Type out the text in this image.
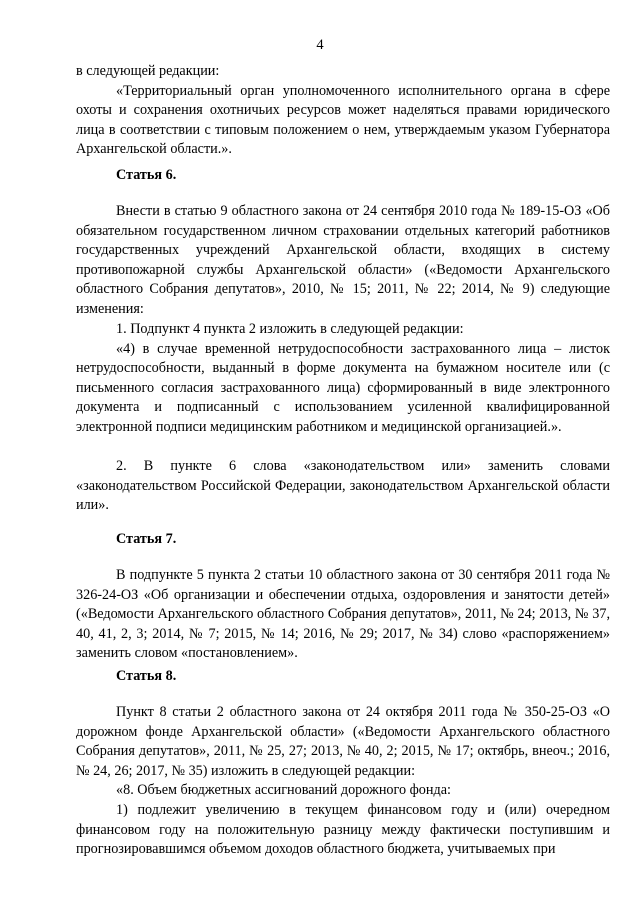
4

в следующей редакции:

«Территориальный орган уполномоченного исполнительного органа в сфере охоты и сохранения охотничьих ресурсов может наделяться правами юридического лица в соответствии с типовым положением о нем, утверждаемым указом Губернатора Архангельской области.».

Статья 6.

Внести в статью 9 областного закона от 24 сентября 2010 года № 189-15-ОЗ «Об обязательном государственном личном страховании отдельных категорий работников государственных учреждений Архангельской области, входящих в систему противопожарной службы Архангельской области» («Ведомости Архангельского областного Собрания депутатов», 2010, № 15; 2011, № 22; 2014, № 9) следующие изменения:

1. Подпункт 4 пункта 2 изложить в следующей редакции:

«4) в случае временной нетрудоспособности застрахованного лица – листок нетрудоспособности, выданный в форме документа на бумажном носителе или (с письменного согласия застрахованного лица) сформированный в виде электронного документа и подписанный с использованием усиленной квалифицированной электронной подписи медицинским работником и медицинской организацией.».

2. В пункте 6 слова «законодательством или» заменить словами «законодательством Российской Федерации, законодательством Архангельской области или».

Статья 7.

В подпункте 5 пункта 2 статьи 10 областного закона от 30 сентября 2011 года № 326-24-ОЗ «Об организации и обеспечении отдыха, оздоровления и занятости детей» («Ведомости Архангельского областного Собрания депутатов», 2011, № 24; 2013, № 37, 40, 41, 2, 3; 2014, № 7; 2015, № 14; 2016, № 29; 2017, № 34) слово «распоряжением» заменить словом «постановлением».

Статья 8.

Пункт 8 статьи 2 областного закона от 24 октября 2011 года № 350-25-ОЗ «О дорожном фонде Архангельской области» («Ведомости Архангельского областного Собрания депутатов», 2011, № 25, 27; 2013, № 40, 2; 2015, № 17; октябрь, внеоч.; 2016, № 24, 26; 2017, № 35) изложить в следующей редакции:

«8. Объем бюджетных ассигнований дорожного фонда:

1) подлежит увеличению в текущем финансовом году и (или) очередном финансовом году на положительную разницу между фактически поступившим и прогнозировавшимся объемом доходов областного бюджета, учитываемых при
